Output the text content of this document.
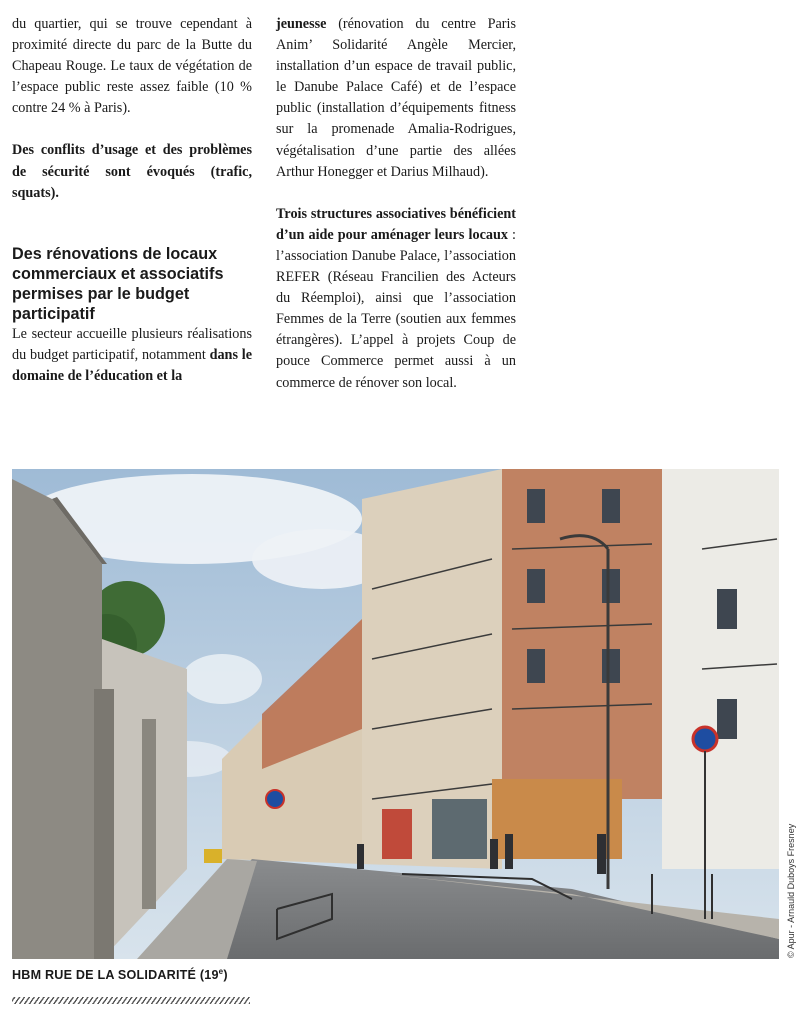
du quartier, qui se trouve cependant à proximité directe du parc de la Butte du Chapeau Rouge. Le taux de végétation de l’espace public reste assez faible (10 % contre 24 % à Paris).

Des conflits d’usage et des problèmes de sécurité sont évoqués (trafic, squats).

Des rénovations de locaux commerciaux et associatifs permises par le budget participatif

Le secteur accueille plusieurs réalisations du budget participatif, notamment dans le domaine de l’éducation et la

jeunesse (rénovation du centre Paris Anim’ Solidarité Angèle Mercier, installation d’un espace de travail public, le Danube Palace Café) et de l’espace public (installation d’équipements fitness sur la promenade Amalia-Rodrigues, végétalisation d’une partie des allées Arthur Honegger et Darius Milhaud).

Trois structures associatives bénéficient d’un aide pour aménager leurs locaux : l’association Danube Palace, l’association REFER (Réseau Francilien des Acteurs du Réemploi), ainsi que l’association Femmes de la Terre (soutien aux femmes étrangères). L’appel à projets Coup de pouce Commerce permet aussi à un commerce de rénover son local.

HBM RUE DE LA SOLIDARITÉ (19e)
© Apur - Arnauld Duboys Fresney
